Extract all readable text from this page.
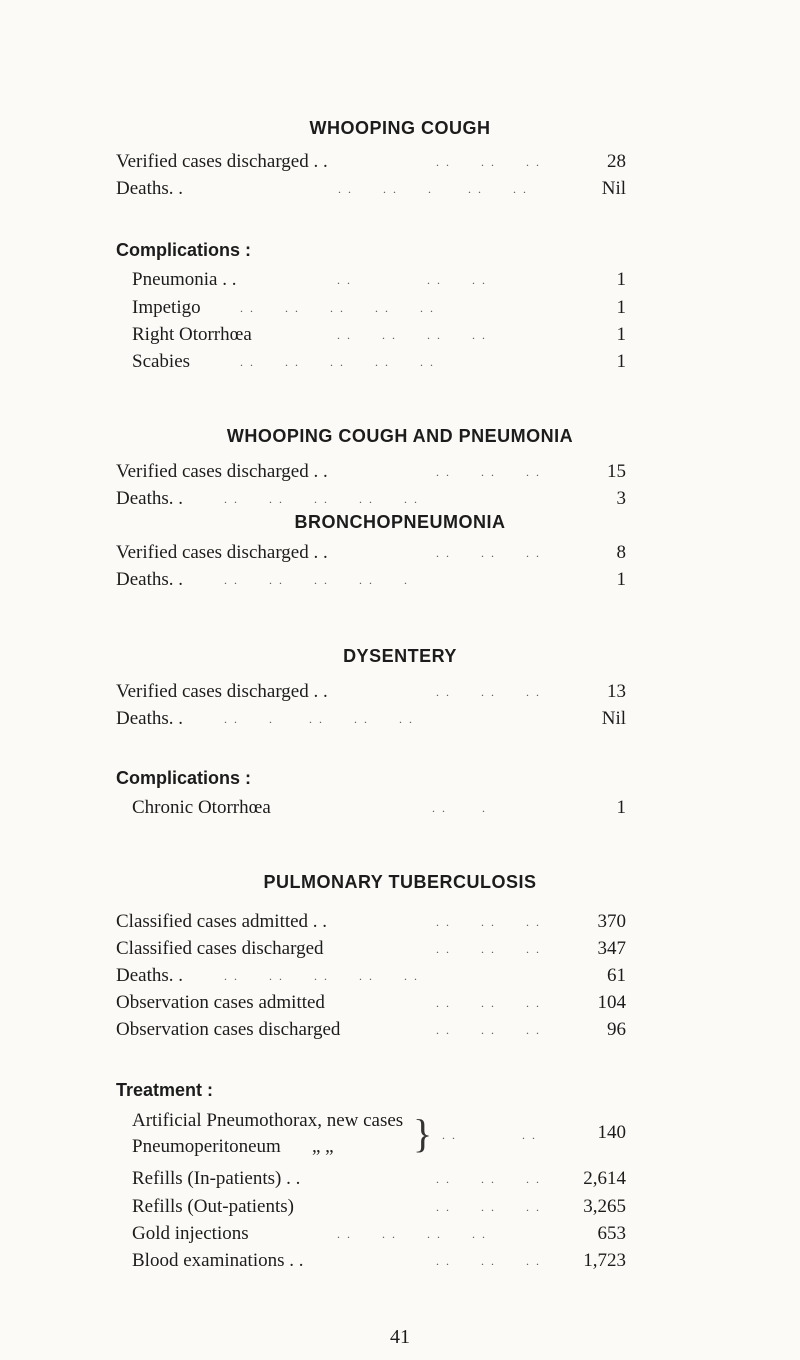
WHOOPING COUGH
Verified cases discharged . .	. .      . .      . .	28
Deaths. .	. .      . .      .       . .      . .	Nil
Complications :
Pneumonia . .	. .               . .      . .	1
Impetigo	. .      . .      . .      . .      . .	1
Right Otorrhœa	. .      . .      . .      . .	1
Scabies	. .      . .      . .      . .      . .	1
WHOOPING COUGH AND PNEUMONIA
Verified cases discharged . .	. .      . .      . .	15
Deaths. .	. .      . .      . .      . .      . .	3
BRONCHOPNEUMONIA
Verified cases discharged . .	. .      . .      . .	8
Deaths. .	. .      . .      . .      . .      .	1
DYSENTERY
Verified cases discharged . .	. .      . .      . .	13
Deaths. .	. .      .       . .      . .      . .	Nil
Complications :
Chronic Otorrhœa	. .       .	1
PULMONARY TUBERCULOSIS
Classified cases admitted . .	. .      . .      . .	370
Classified cases discharged	. .      . .      . .	347
Deaths. .	. .      . .      . .      . .      . .	61
Observation cases admitted	. .      . .      . .	104
Observation cases discharged	. .      . .      . .	96
Treatment :
Artificial Pneumothorax, new cases
Pneumoperitoneum „ „ } . .             . .	140
Refills (In-patients) . .	. .      . .      . . 2,614
Refills (Out-patients)	. .      . .      . . 3,265
Gold injections	. .      . .      . .      . .	653
Blood examinations . .	. .      . .      . . 1,723
41
